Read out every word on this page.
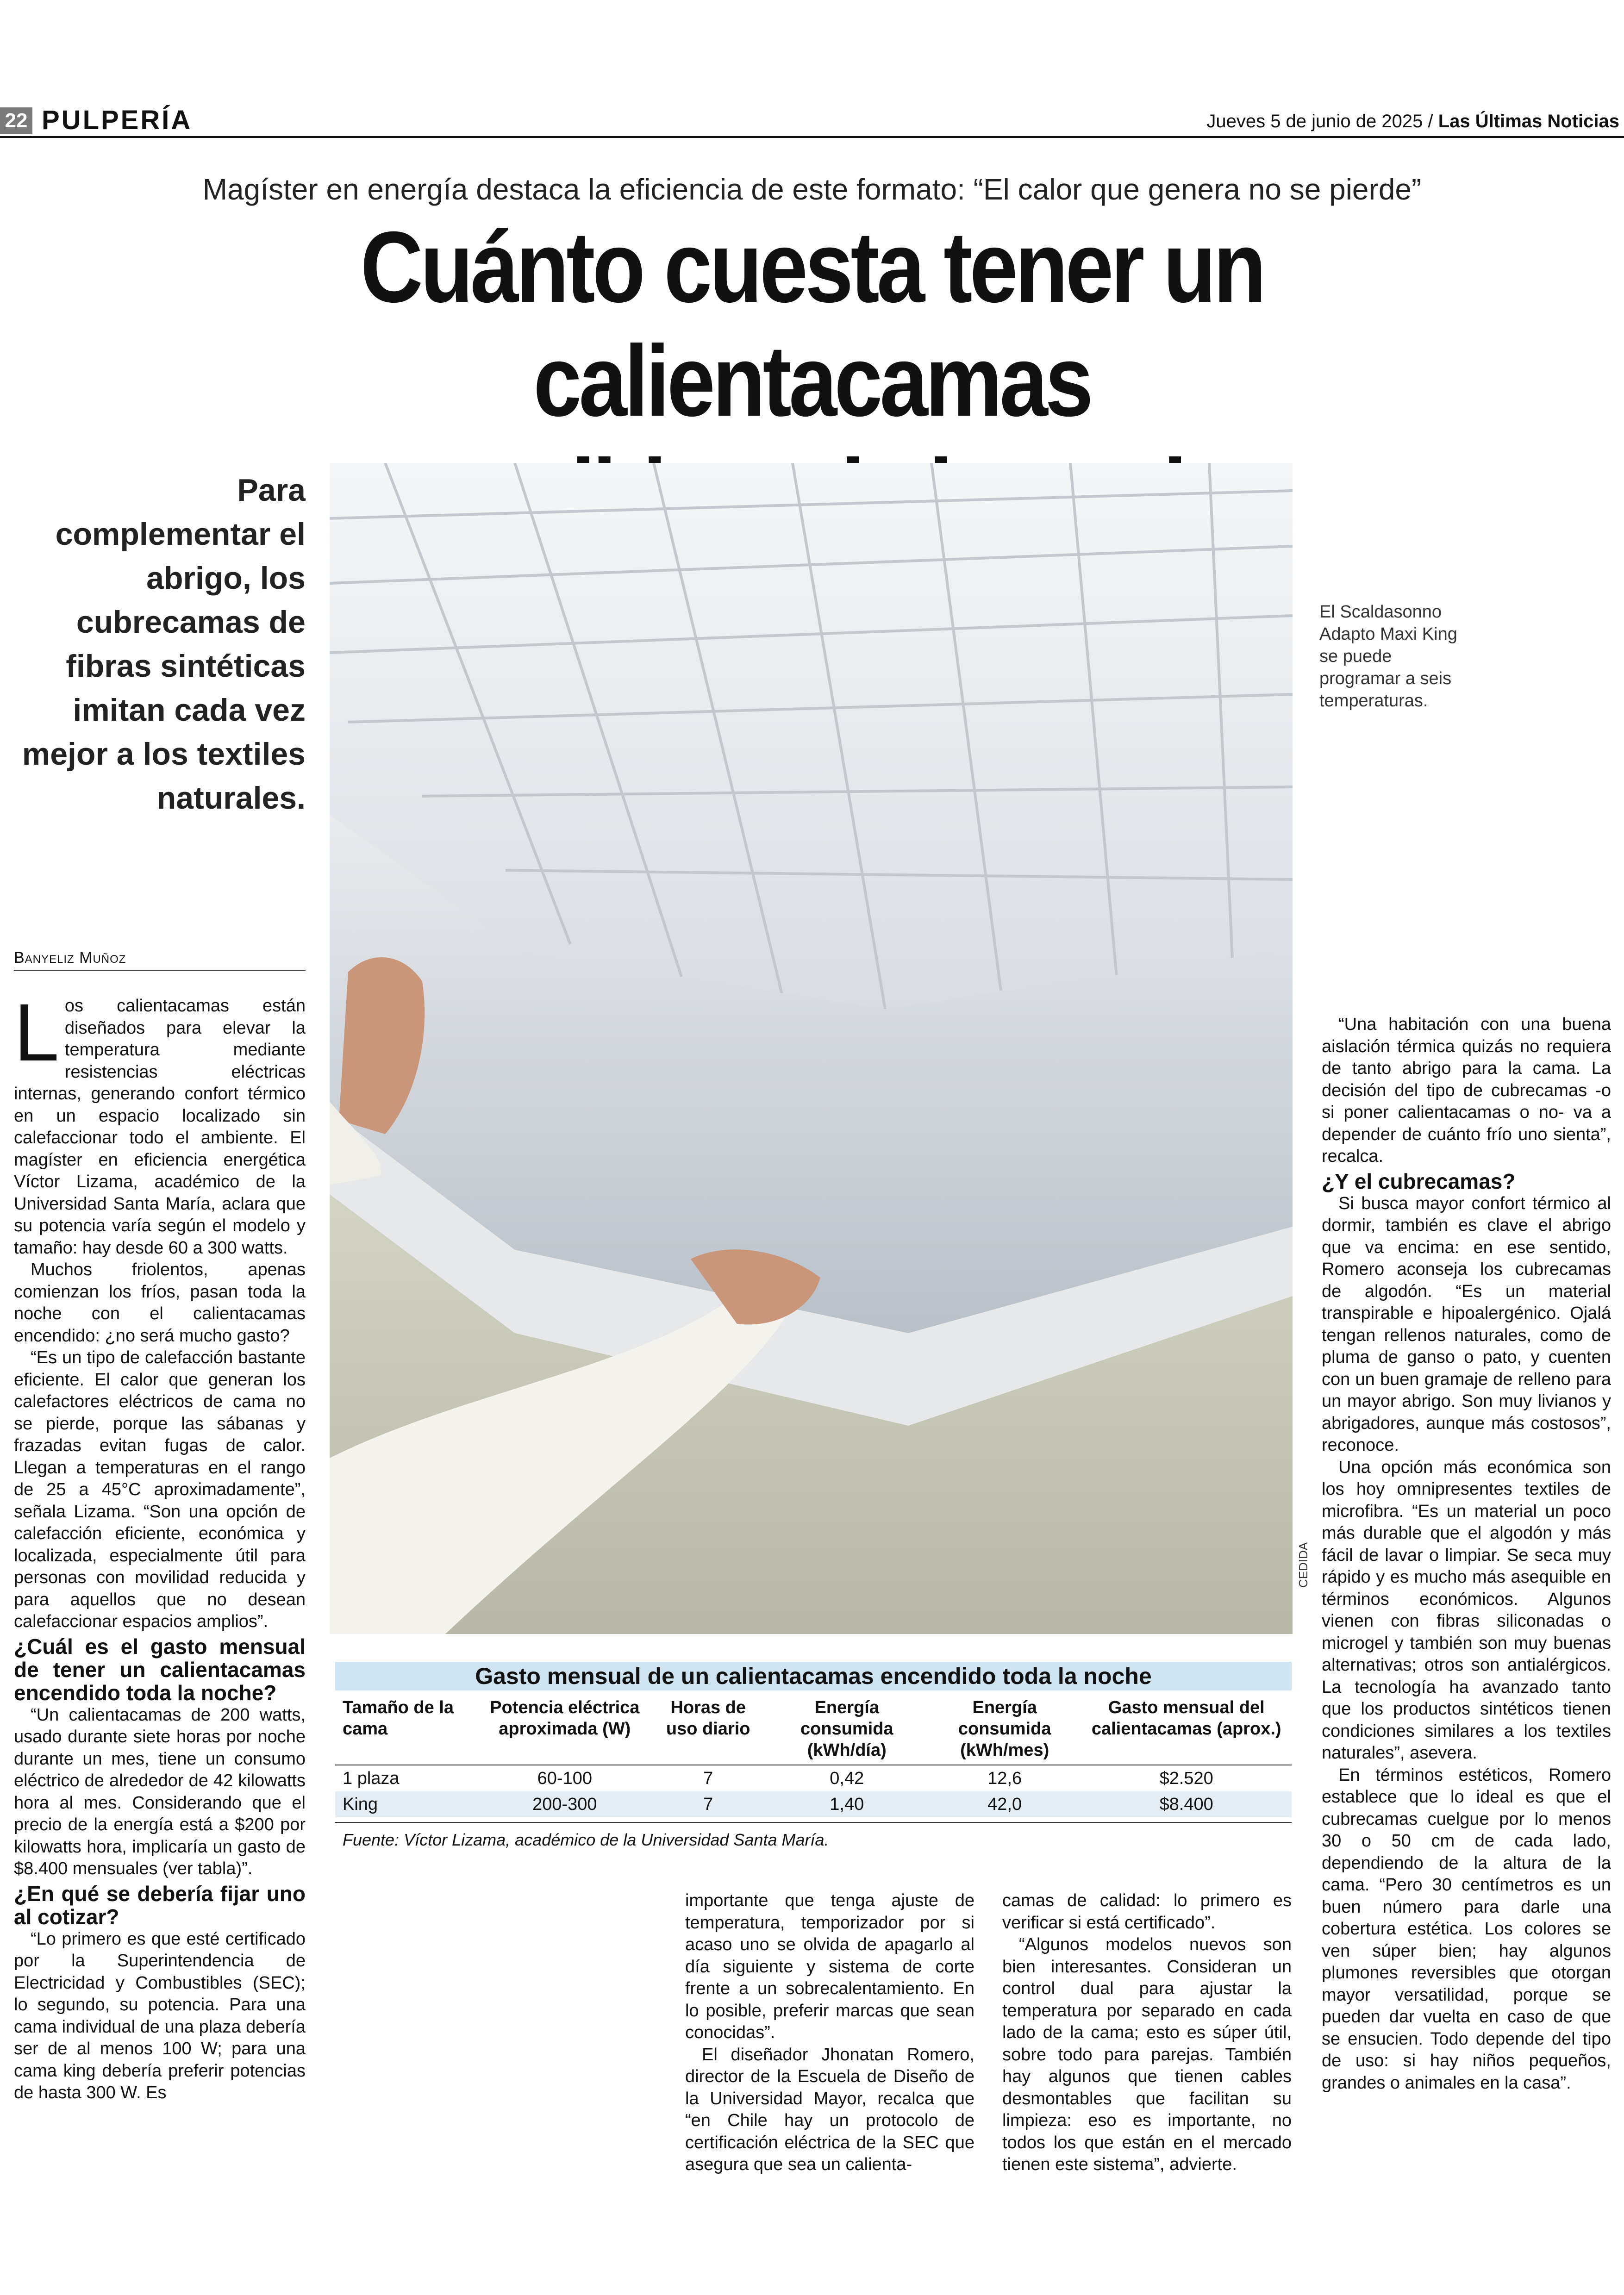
22 PULPERÍA	Jueves 5 de junio de 2025 / Las Últimas Noticias
Magíster en energía destaca la eficiencia de este formato: “El calor que genera no se pierde”
Cuánto cuesta tener un calientacamas
Para complementar el abrigo, los cubrecamas de fibras sintéticas imitan cada vez mejor a los textiles naturales.
CEDIDA
El Scaldasonno Adapto Maxi King se puede programar a seis temperaturas.
Banyeliz Muñoz

Los calientacamas están diseñados para elevar la temperatura mediante resistencias eléctricas internas, generando confort térmico en un espacio localizado sin calefaccionar todo el ambiente. El magíster en eficiencia energética Víctor Lizama, académico de la Universidad Santa María, aclara que su potencia varía según el modelo y tamaño: hay desde 60 a 300 watts.

Muchos friolentos, apenas comienzan los fríos, pasan toda la noche con el calientacamas encendido: ¿no será mucho gasto?

“Es un tipo de calefacción bastante eficiente. El calor que generan los calefactores eléctricos de cama no se pierde, porque las sábanas y frazadas evitan fugas de calor. Llegan a temperaturas en el rango de 25 a 45°C aproximadamente”, señala Lizama. “Son una opción de calefacción eficiente, económica y localizada, especialmente útil para personas con movilidad reducida y para aquellos que no desean calefaccionar espacios amplios”.

¿Cuál es el gasto mensual de tener un calientacamas encendido toda la noche?

“Un calientacamas de 200 watts, usado durante siete horas por noche durante un mes, tiene un consumo eléctrico de alrededor de 42 kilowatts hora al mes. Considerando que el precio de la energía está a $200 por kilowatts hora, implicaría un gasto de $8.400 mensuales (ver tabla)”.

¿En qué se debería fijar uno al cotizar?

“Lo primero es que esté certificado por la Superintendencia de Electricidad y Combustibles (SEC); lo segundo, su potencia. Para una cama individual de una plaza debería ser de al menos 100 W; para una cama king debería preferir potencias de hasta 300 W. Es

Gasto mensual de un calientacamas encendido toda la noche
Tamaño de la cama	Potencia eléctrica aproximada (W)	Horas de uso diario	Energía consumida (kWh/día)	Energía consumida (kWh/mes)	Gasto mensual del calientacamas (aprox.)
1 plaza	60-100	7	0,42	12,6	$2.520
King	200-300	7	1,40	42,0	$8.400
Fuente: Víctor Lizama, académico de la Universidad Santa María.

importante que tenga ajuste de temperatura, temporizador por si acaso uno se olvida de apagarlo al día siguiente y sistema de corte frente a un sobrecalentamiento. En lo posible, preferir marcas que sean conocidas”.

El diseñador Jhonatan Romero, director de la Escuela de Diseño de la Universidad Mayor, recalca que “en Chile hay un protocolo de certificación eléctrica de la SEC que asegura que sea un calienta-

camas de calidad: lo primero es verificar si está certificado”.

“Algunos modelos nuevos son bien interesantes. Consideran un control dual para ajustar la temperatura por separado en cada lado de la cama; esto es súper útil, sobre todo para parejas. También hay algunos que tienen cables desmontables que facilitan su limpieza: eso es importante, no todos los que están en el mercado tienen este sistema”, advierte.

“Una habitación con una buena aislación térmica quizás no requiera de tanto abrigo para la cama. La decisión del tipo de cubrecamas -o si poner calientacamas o no- va a depender de cuánto frío uno sienta”, recalca.

¿Y el cubrecamas?

Si busca mayor confort térmico al dormir, también es clave el abrigo que va encima: en ese sentido, Romero aconseja los cubrecamas de algodón. “Es un material transpirable e hipoalergénico. Ojalá tengan rellenos naturales, como de pluma de ganso o pato, y cuenten con un buen gramaje de relleno para un mayor abrigo. Son muy livianos y abrigadores, aunque más costosos”, reconoce.

Una opción más económica son los hoy omnipresentes textiles de microfibra. “Es un material un poco más durable que el algodón y más fácil de lavar o limpiar. Se seca muy rápido y es mucho más asequible en términos económicos. Algunos vienen con fibras siliconadas o microgel y también son muy buenas alternativas; otros son antialérgicos. La tecnología ha avanzado tanto que los productos sintéticos tienen condiciones similares a los textiles naturales”, asevera.

En términos estéticos, Romero establece que lo ideal es que el cubrecamas cuelgue por lo menos 30 o 50 cm de cada lado, dependiendo de la altura de la cama. “Pero 30 centímetros es un buen número para darle una cobertura estética. Los colores se ven súper bien; hay algunos plumones reversibles que otorgan mayor versatilidad, porque se pueden dar vuelta en caso de que se ensucien. Todo depende del tipo de uso: si hay niños pequeños, grandes o animales en la casa”.
